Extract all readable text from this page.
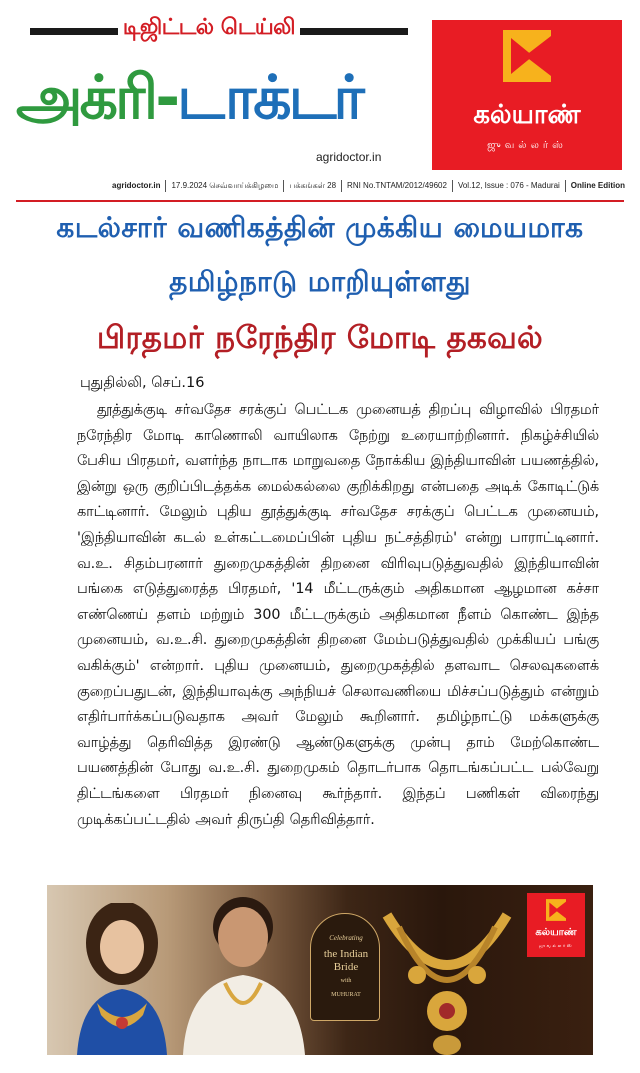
டிஜிட்டல் டெய்லி
அக்ரி-டாக்டர்
agridoctor.in
கல்யாண்
ஜுவல்லர்ஸ்
agridoctor.in	17.9.2024 செவ்வாய்க்கிழமை	பக்கங்கள் 28	RNI No.TNTAM/2012/49602	Vol.12, Issue : 076 - Madurai	Online Edition
கடல்சார் வணிகத்தின் முக்கிய மையமாக
தமிழ்நாடு மாறியுள்ளது
பிரதமர் நரேந்திர மோடி தகவல்
புதுதில்லி, செப்.16

தூத்துக்குடி சர்வதேச சரக்குப் பெட்டக முனையத் திறப்பு விழாவில் பிரதமர் நரேந்திர மோடி காணொலி வாயிலாக நேற்று உரையாற்றினார். நிகழ்ச்சியில் பேசிய பிரதமர், வளர்ந்த நாடாக மாறுவதை நோக்கிய இந்தியாவின் பயணத்தில், இன்று ஒரு குறிப்பிடத்தக்க மைல்கல்லை குறிக்கிறது என்பதை அடிக் கோடிட்டுக் காட்டினார். மேலும் புதிய தூத்துக்குடி சர்வதேச சரக்குப் பெட்டக முனையம், 'இந்தியாவின் கடல் உள்கட்டமைப்பின் புதிய நட்சத்திரம்' என்று பாராட்டினார். வ.உ. சிதம்பரனார் துறைமுகத்தின் திறனை விரிவுபடுத்துவதில் இந்தியாவின் பங்கை எடுத்துரைத்த பிரதமர், '14 மீட்டருக்கும் அதிகமான ஆழமான கச்சா எண்ணெய் தளம் மற்றும் 300 மீட்டருக்கும் அதிகமான நீளம் கொண்ட இந்த முனையம், வ.உ.சி. துறைமுகத்தின் திறனை மேம்படுத்துவதில் முக்கியப் பங்கு வகிக்கும்' என்றார். புதிய முனையம், துறைமுகத்தில் தளவாட செலவுகளைக் குறைப்பதுடன், இந்தியாவுக்கு அந்நியச் செலாவணியை மிச்சப்படுத்தும் என்றும் எதிர்பார்க்கப்படுவதாக அவர் மேலும் கூறினார். தமிழ்நாட்டு மக்களுக்கு வாழ்த்து தெரிவித்த இரண்டு ஆண்டுகளுக்கு முன்பு தாம் மேற்கொண்ட பயணத்தின் போது வ.உ.சி. துறைமுகம் தொடர்பாக தொடங்கப்பட்ட பல்வேறு திட்டங்களை பிரதமர் நினைவு கூர்ந்தார். இந்தப் பணிகள் விரைந்து முடிக்கப்பட்டதில் அவர் திருப்தி தெரிவித்தார்.

Celebrating
the Indian Bride
with
MUHURAT
கல்யாண்
ஜுவல்லர்ஸ்
